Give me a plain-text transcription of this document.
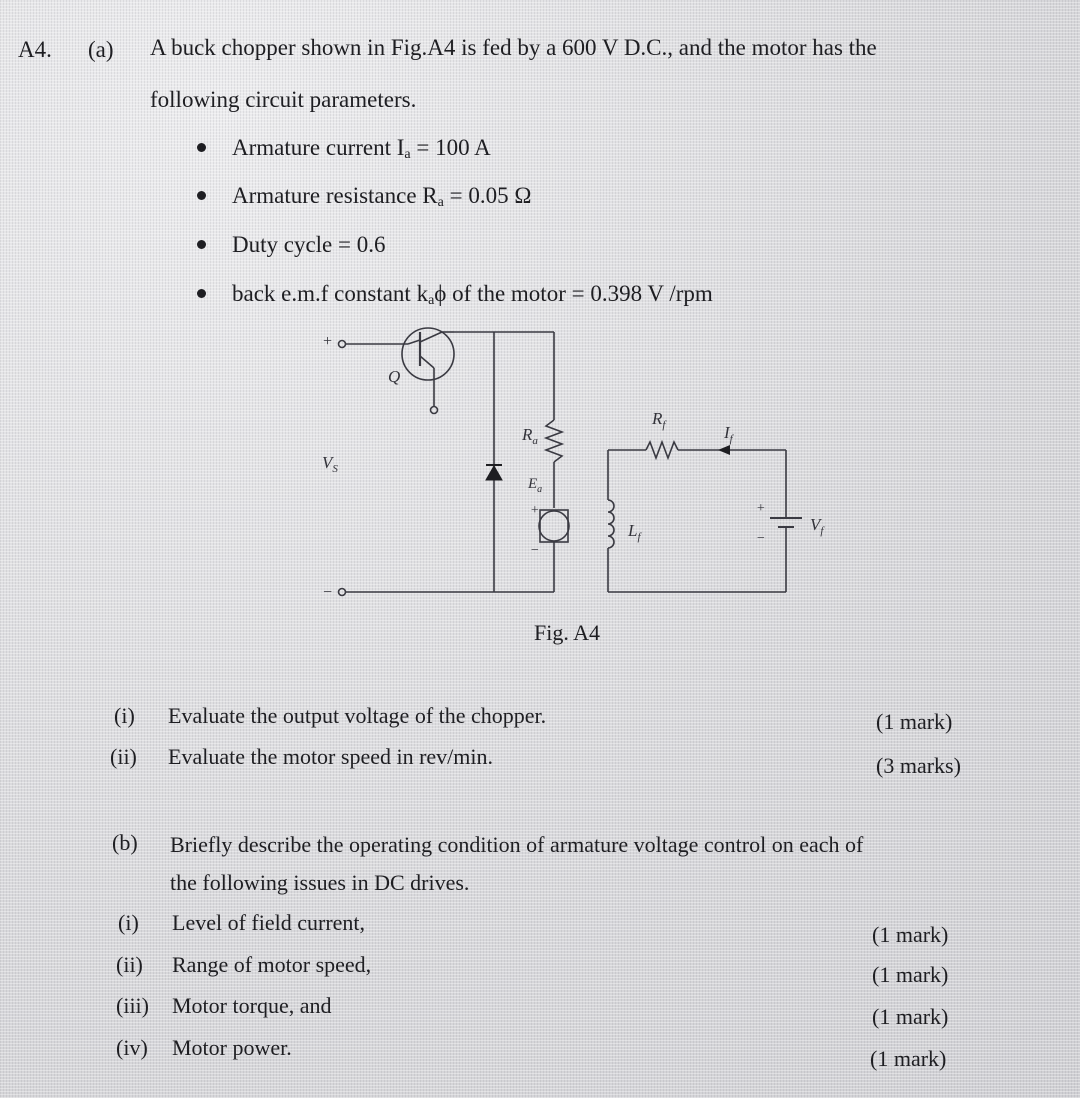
A4. (a) A buck chopper shown in Fig.A4 is fed by a 600 V D.C., and the motor has the
following circuit parameters.
Armature current $I_a = 100$ A
Armature resistance $R_a = 0.05$ Ω
Duty cycle = 0.6
back e.m.f constant $k_a\phi$ of the motor = 0.398 V /rpm
+
−
Q
$V_S$
$R_a$
$E_a$
+
−
$R_f$	$I_f$
$L_f$
+
−
$V_f$
Fig. A4
(i) Evaluate the output voltage of the chopper.	(1 mark)
(ii) Evaluate the motor speed in rev/min.	(3 marks)
(b) Briefly describe the operating condition of armature voltage control on each of
the following issues in DC drives.
(i) Level of field current,	(1 mark)
(ii) Range of motor speed,	(1 mark)
(iii) Motor torque, and	(1 mark)
(iv) Motor power.	(1 mark)
